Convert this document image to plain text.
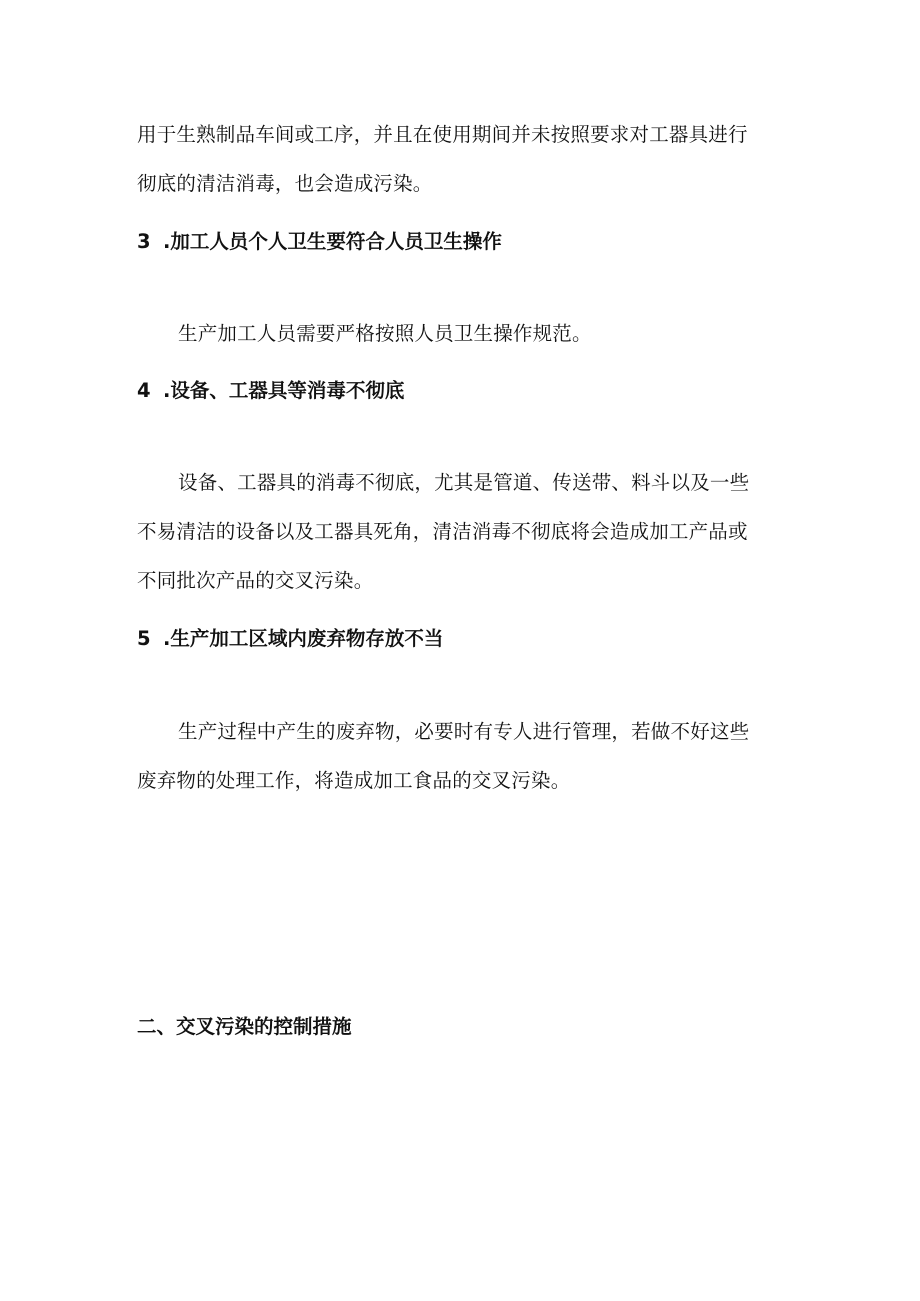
用于生熟制品车间或工序，并且在使用期间并未按照要求对工器具进行
彻底的清洁消毒，也会造成污染。
3 .加工人员个人卫生要符合人员卫生操作
生产加工人员需要严格按照人员卫生操作规范。
4 .设备、工器具等消毒不彻底
设备、工器具的消毒不彻底，尤其是管道、传送带、料斗以及一些
不易清洁的设备以及工器具死角，清洁消毒不彻底将会造成加工产品或
不同批次产品的交叉污染。
5 .生产加工区域内废弃物存放不当
生产过程中产生的废弃物，必要时有专人进行管理，若做不好这些
废弃物的处理工作，将造成加工食品的交叉污染。
二、交叉污染的控制措施
